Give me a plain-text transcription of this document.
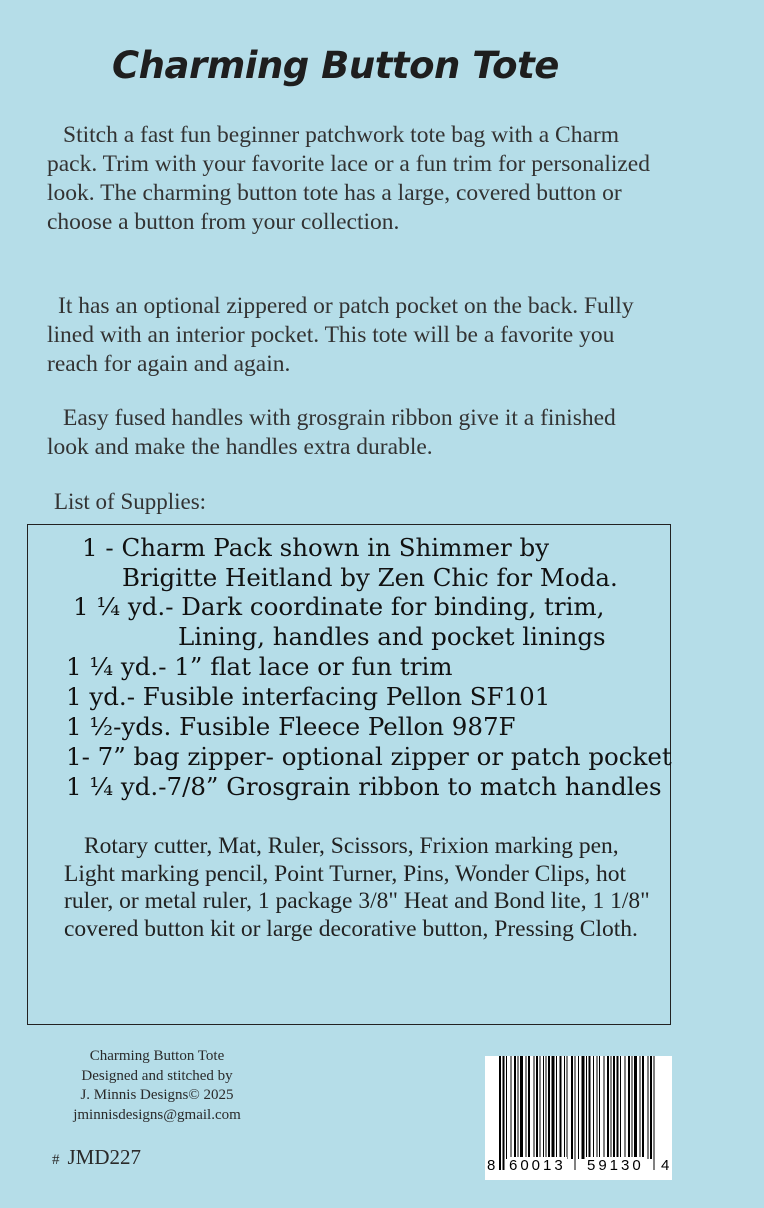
Charming Button Tote

Stitch a fast fun beginner patchwork tote bag with a Charm pack. Trim with your favorite lace or a fun trim for personalized look. The charming button tote has a large, covered button or choose a button from your collection.

It has an optional zippered or patch pocket on the back. Fully lined with an interior pocket. This tote will be a favorite you reach for again and again.

Easy fused handles with grosgrain ribbon give it a finished look and make the handles extra durable.

List of Supplies:
1 - Charm Pack shown in Shimmer by
Brigitte Heitland by Zen Chic for Moda.
1 ¼ yd.- Dark coordinate for binding, trim,
Lining, handles and pocket linings
1 ¼ yd.- 1” flat lace or fun trim
1 yd.- Fusible interfacing Pellon SF101
1 ½-yds. Fusible Fleece Pellon 987F
1- 7” bag zipper- optional zipper or patch pocket
1 ¼ yd.-7/8” Grosgrain ribbon to match handles

Rotary cutter, Mat, Ruler, Scissors, Frixion marking pen, Light marking pencil, Point Turner, Pins, Wonder Clips, hot ruler, or metal ruler, 1 package 3/8" Heat and Bond lite, 1 1/8" covered button kit or large decorative button, Pressing Cloth.

Charming Button Tote
Designed and stitched by
J. Minnis Designs© 2025
jminnisdesigns@gmail.com
# JMD227	8 60013 59130 4
